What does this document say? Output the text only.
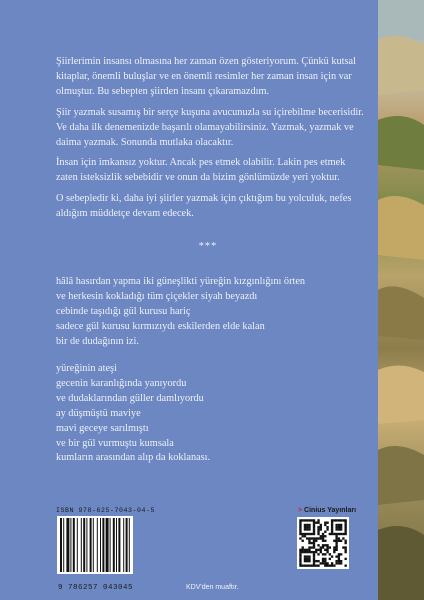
Şiirlerimin insansı olmasına her zaman özen gösteriyorum. Çünkü kutsal kitaplar, önemli buluşlar ve en önemli resimler her zaman insan için var olmuştur. Bu sebepten şiirden insanı çıkaramazdım.

Şiir yazmak susamış bir serçe kuşuna avucunuzla su içirebilme becerisidir. Ve daha ilk denemenizde başarılı olamayabilirsiniz. Yazmak, yazmak ve daima yazmak. Sonunda mutlaka olacaktır.

İnsan için imkansız yoktur. Ancak pes etmek olabilir. Lakin pes etmek zaten isteksizlik sebebidir ve onun da bizim gönlümüzde yeri yoktur.

O sebepledir ki, daha iyi şiirler yazmak için çıktığım bu yolculuk, nefes aldığım müddetçe devam edecek.

***
hâlâ hasırdan yapma iki güneşlikti yüreğin kızgınlığını örten
ve herkesin kokladığı tüm çiçekler siyah beyazdı
cebinde taşıdığı gül kurusu hariç
sadece gül kurusu kırmızıydı eskilerden elde kalan
bir de dudağının izi.
yüreğinin ateşi
gecenin karanlığında yanıyordu
ve dudaklarından güller damlıyordu
ay düşmüştü maviye
mavi geceye sarılmıştı
ve bir gül vurmuştu kumsala
kumların arasından alıp da koklanası.
ISBN 978-625-7043-04-5
9 786257 043045	KDV'den muaftır.
> Cinius Yayınları
